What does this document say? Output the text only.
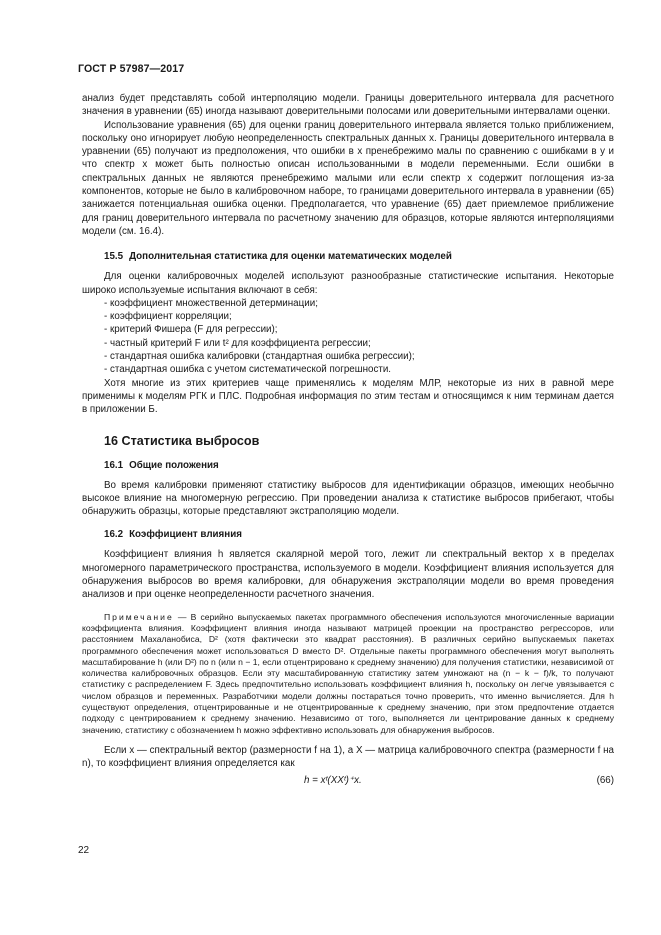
ГОСТ Р 57987—2017

анализ будет представлять собой интерполяцию модели. Границы доверительного интервала для расчетного значения в уравнении (65) иногда называют доверительными полосами или доверительными интервалами оценки.

Использование уравнения (65) для оценки границ доверительного интервала является только приближением, поскольку оно игнорирует любую неопределенность спектральных данных x. Границы доверительного интервала в уравнении (65) получают из предположения, что ошибки в x пренебрежимо малы по сравнению с ошибками в y и что спектр x может быть полностью описан использованными в модели переменными. Если ошибки в спектральных данных не являются пренебрежимо малыми или если спектр x содержит поглощения из-за компонентов, которые не было в калибровочном наборе, то границами доверительного интервала в уравнении (65) занижается потенциальная ошибка оценки. Предполагается, что уравнение (65) дает приемлемое приближение для границ доверительного интервала по расчетному значению для образцов, которые являются интерполяциями модели (см. 16.4).

15.5 Дополнительная статистика для оценки математических моделей

Для оценки калибровочных моделей используют разнообразные статистические испытания. Некоторые широко используемые испытания включают в себя:

- коэффициент множественной детерминации;
- коэффициент корреляции;
- критерий Фишера (F для регрессии);
- частный критерий F или t² для коэффициента регрессии;
- стандартная ошибка калибровки (стандартная ошибка регрессии);
- стандартная ошибка с учетом систематической погрешности.

Хотя многие из этих критериев чаще применялись к моделям МЛР, некоторые из них в равной мере применимы к моделям РГК и ПЛС. Подробная информация по этим тестам и относящимся к ним терминам дается в приложении Б.

16 Статистика выбросов
16.1 Общие положения

Во время калибровки применяют статистику выбросов для идентификации образцов, имеющих необычно высокое влияние на многомерную регрессию. При проведении анализа к статистике выбросов прибегают, чтобы обнаружить образцы, которые представляют экстраполяцию модели.

16.2 Коэффициент влияния

Коэффициент влияния h является скалярной мерой того, лежит ли спектральный вектор x в пределах многомерного параметрического пространства, используемого в модели. Коэффициент влияния используется для обнаружения выбросов во время калибровки, для обнаружения экстраполяции модели во время проведения анализов и при оценке неопределенности расчетного значения.

Примечание — В серийно выпускаемых пакетах программного обеспечения используются многочисленные вариации коэффициента влияния. Коэффициент влияния иногда называют матрицей проекции на пространство регрессоров, или расстоянием Махаланобиса, D² (хотя фактически это квадрат расстояния). В различных серийно выпускаемых пакетах программного обеспечения может использоваться D вместо D². Отдельные пакеты программного обеспечения могут выполнять масштабирование h (или D²) по n (или n − 1, если отцентрировано к среднему значению) для получения статистики, независимой от количества калибровочных образцов. Если эту масштабированную статистику затем умножают на (n − k − f)/k, то получают статистику с распределением F. Здесь предпочтительно использовать коэффициент влияния h, поскольку он легче увязывается с числом образцов и переменных. Разработчики модели должны постараться точно проверить, что именно вычисляется. Для h существуют определения, отцентрированные и не отцентрированные к среднему значению, при этом предпочтение отдается подходу с центрированием к среднему значению. Независимо от того, выполняется ли центрирование данных к среднему значению, статистику с обозначением h можно эффективно использовать для обнаружения выбросов.

Если x — спектральный вектор (размерности f на 1), а X — матрица калибровочного спектра (размерности f на n), то коэффициент влияния определяется как

h = xᵗ(XXᵗ)⁺x.	(66)
22
